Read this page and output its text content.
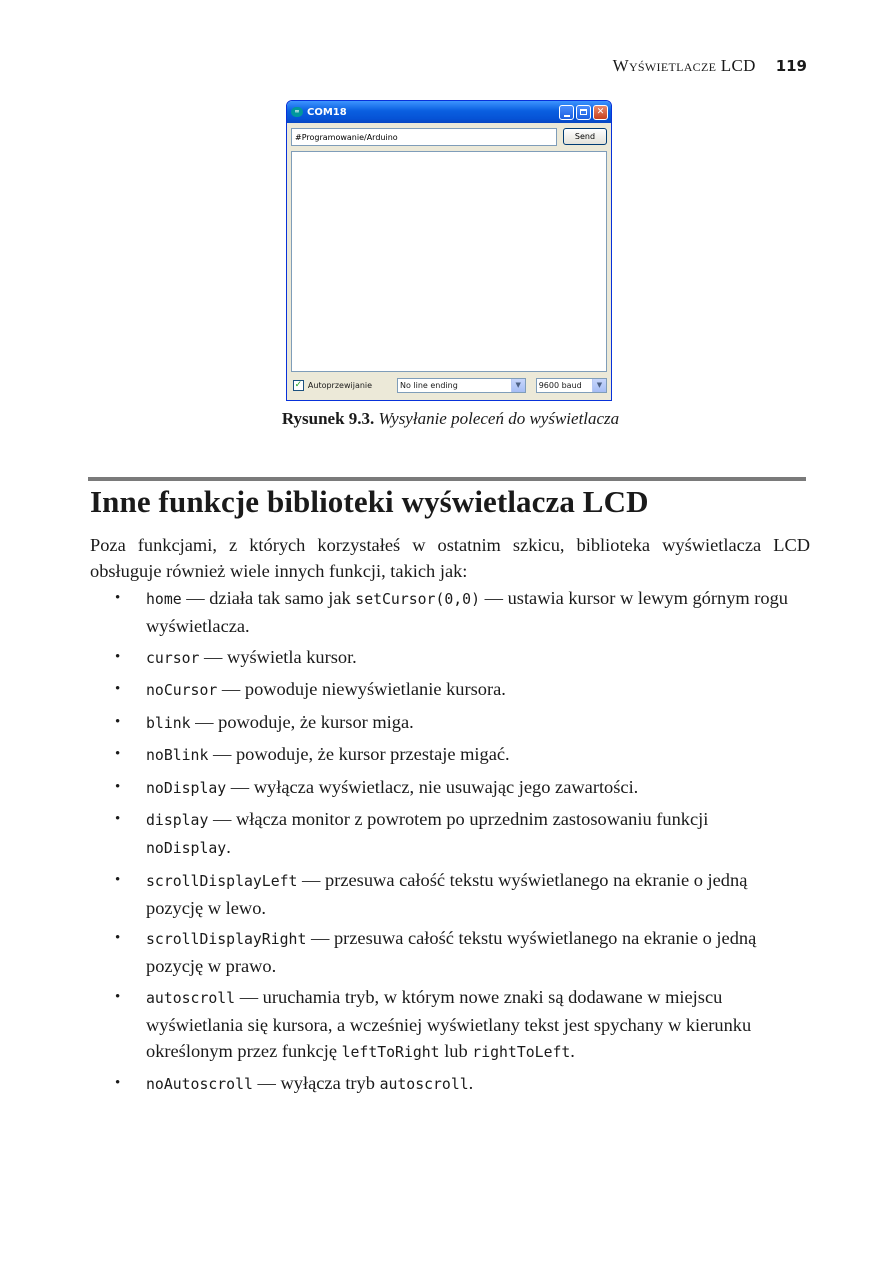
Wyświetlacze LCD 119
∞ COM18	✕
#Programowanie/Arduino
Send
✓ Autoprzewijanie	No line ending	▼	9600 baud	▼
Rysunek 9.3. Wysyłanie poleceń do wyświetlacza
Inne funkcje biblioteki wyświetlacza LCD

Poza funkcjami, z których korzystałeś w ostatnim szkicu, biblioteka wyświetlacza LCD obsługuje również wiele innych funkcji, takich jak:

• home — działa tak samo jak setCursor(0,0) — ustawia kursor w lewym górnym rogu wyświetlacza.
• cursor — wyświetla kursor.
• noCursor — powoduje niewyświetlanie kursora.
• blink — powoduje, że kursor miga.
• noBlink — powoduje, że kursor przestaje migać.
• noDisplay — wyłącza wyświetlacz, nie usuwając jego zawartości.
• display — włącza monitor z powrotem po uprzednim zastosowaniu funkcji noDisplay.
• scrollDisplayLeft — przesuwa całość tekstu wyświetlanego na ekranie o jedną pozycję w lewo.
• scrollDisplayRight — przesuwa całość tekstu wyświetlanego na ekranie o jedną pozycję w prawo.
• autoscroll — uruchamia tryb, w którym nowe znaki są dodawane w miejscu wyświetlania się kursora, a wcześniej wyświetlany tekst jest spychany w kierunku określonym przez funkcję leftToRight lub rightToLeft.
• noAutoscroll — wyłącza tryb autoscroll.
